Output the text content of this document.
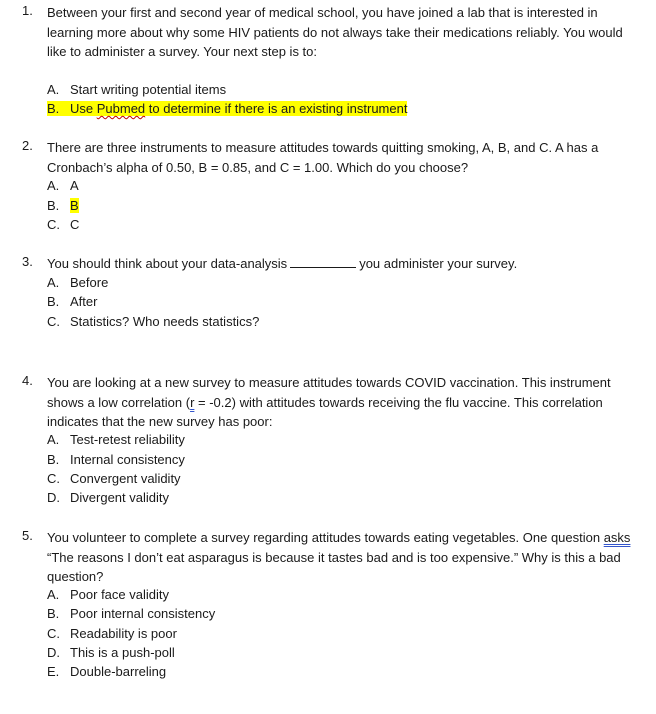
1. Between your first and second year of medical school, you have joined a lab that is interested in learning more about why some HIV patients do not always take their medications reliably. You would like to administer a survey. Your next step is to:
A. Start writing potential items
B. Use Pubmed to determine if there is an existing instrument
2. There are three instruments to measure attitudes towards quitting smoking, A, B, and C. A has a Cronbach’s alpha of 0.50, B = 0.85, and C = 1.00. Which do you choose?
A. A
B. B
C. C
3. You should think about your data-analysis	you administer your survey.
A. Before
B. After
C. Statistics? Who needs statistics?
4. You are looking at a new survey to measure attitudes towards COVID vaccination. This instrument shows a low correlation (r = -0.2) with attitudes towards receiving the flu vaccine. This correlation indicates that the new survey has poor:
A. Test-retest reliability
B. Internal consistency
C. Convergent validity
D. Divergent validity
5. You volunteer to complete a survey regarding attitudes towards eating vegetables. One question asks “The reasons I don’t eat asparagus is because it tastes bad and is too expensive.” Why is this a bad question?
A. Poor face validity
B. Poor internal consistency
C. Readability is poor
D. This is a push-poll
E. Double-barreling
